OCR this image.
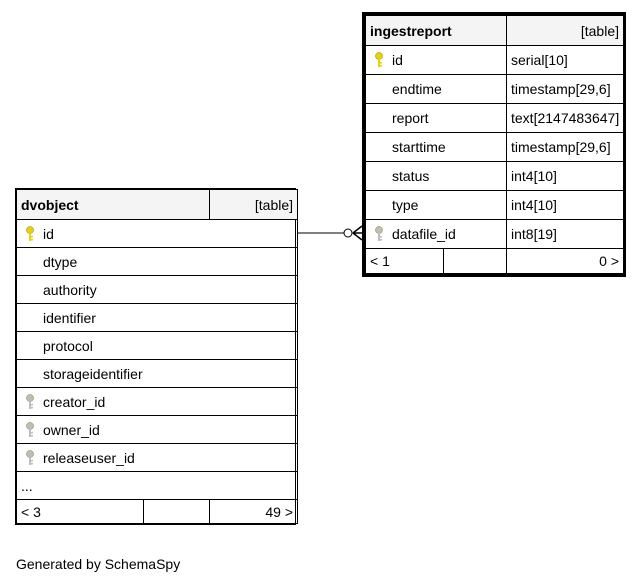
dvobject		[table]

id		
dtype		
authority		
identifier		
protocol		
storageidentifier		

creator_id		

owner_id		

releaseuser_id		
...		
< 3		49 >
ingestreport		[table]

id		serial[10]
endtime		timestamp[29,6]
report		text[2147483647]
starttime		timestamp[29,6]
status		int4[10]
type		int4[10]

datafile_id		int8[19]
< 1		0 >
Generated by SchemaSpy
